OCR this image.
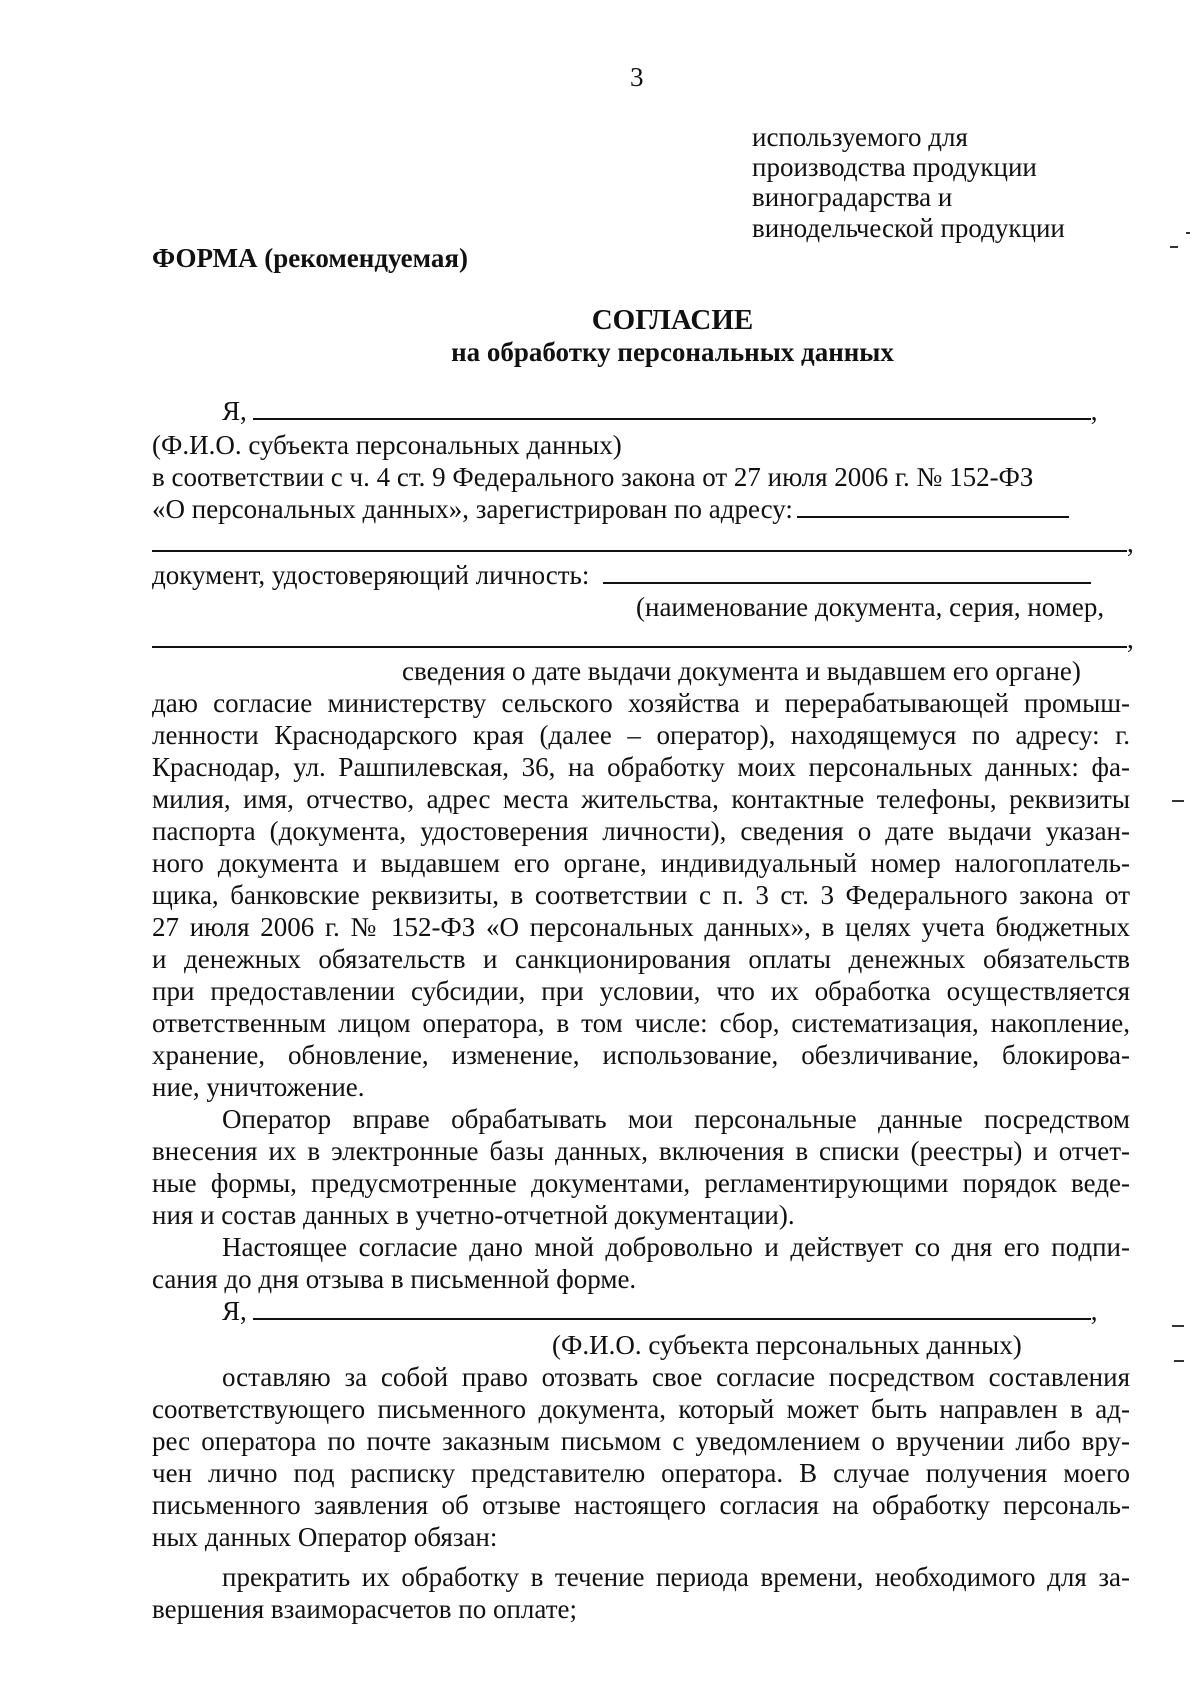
3
используемого для
производства продукции
виноградарства и
винодельческой продукции
ФОРМА (рекомендуемая)
СОГЛАСИЕ
на обработку персональных данных
Я,	,
(Ф.И.О. субъекта персональных данных)
в соответствии с ч. 4 ст. 9 Федерального закона от 27 июля 2006 г. № 152-ФЗ
«О персональных данных», зарегистрирован по адресу:
,
документ, удостоверяющий личность:
(наименование документа, серия, номер,
,
сведения о дате выдачи документа и выдавшем его органе)
даю согласие министерству сельского хозяйства и перерабатывающей промыш-
ленности Краснодарского края (далее – оператор), находящемуся по адресу: г.
Краснодар, ул. Рашпилевская, 36, на обработку моих персональных данных: фа-
милия, имя, отчество, адрес места жительства, контактные телефоны, реквизиты
паспорта (документа, удостоверения личности), сведения о дате выдачи указан-
ного документа и выдавшем его органе, индивидуальный номер налогоплатель-
щика, банковские реквизиты, в соответствии с п. 3 ст. 3 Федерального закона от
27 июля 2006 г. № 152-ФЗ «О персональных данных», в целях учета бюджетных
и денежных обязательств и санкционирования оплаты денежных обязательств
при предоставлении субсидии, при условии, что их обработка осуществляется
ответственным лицом оператора, в том числе: сбор, систематизация, накопление,
хранение, обновление, изменение, использование, обезличивание, блокирова-
ние, уничтожение.
Оператор вправе обрабатывать мои персональные данные посредством
внесения их в электронные базы данных, включения в списки (реестры) и отчет-
ные формы, предусмотренные документами, регламентирующими порядок веде-
ния и состав данных в учетно-отчетной документации).
Настоящее согласие дано мной добровольно и действует со дня его подпи-
сания до дня отзыва в письменной форме.
Я,	,
(Ф.И.О. субъекта персональных данных)
оставляю за собой право отозвать свое согласие посредством составления
соответствующего письменного документа, который может быть направлен в ад-
рес оператора по почте заказным письмом с уведомлением о вручении либо вру-
чен лично под расписку представителю оператора. В случае получения моего
письменного заявления об отзыве настоящего согласия на обработку персональ-
ных данных Оператор обязан:
прекратить их обработку в течение периода времени, необходимого для за-
вершения взаиморасчетов по оплате;
